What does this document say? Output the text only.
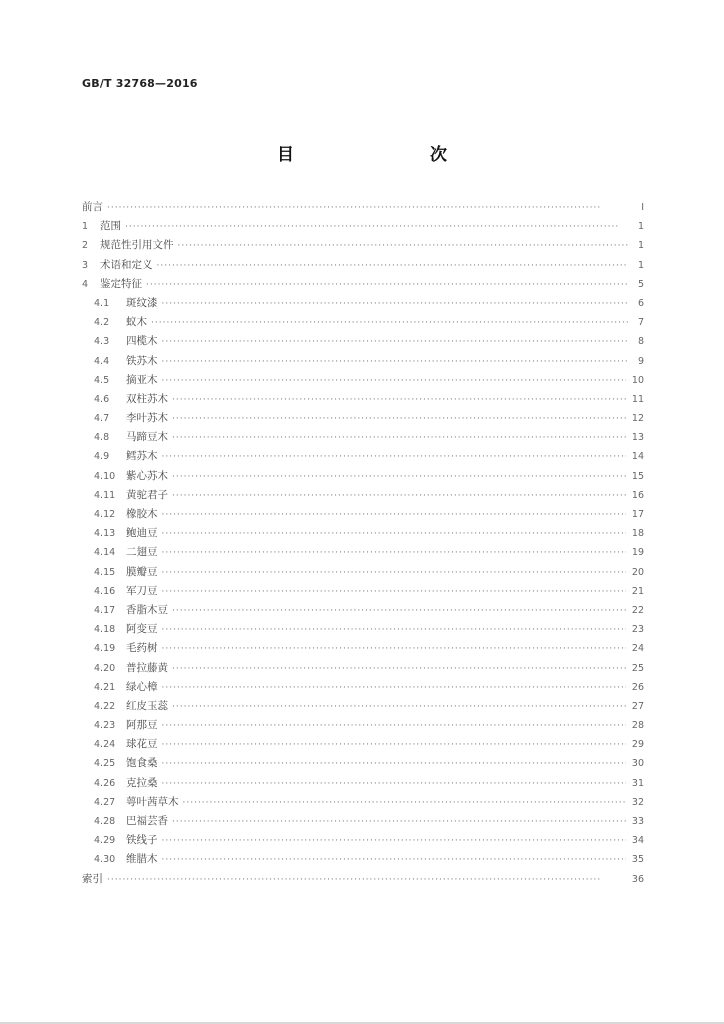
GB/T 32768—2016
目　　次
前言 ·····	Ⅰ
1	范围 ·····	1
2	规范性引用文件 ·····	1
3	术语和定义 ·····	1
4	鉴定特征 ·····	5
4.1	斑纹漆 ·····	6
4.2	蚁木 ·····	7
4.3	四榄木 ·····	8
4.4	铁苏木 ·····	9
4.5	摘亚木 ·····	10
4.6	双柱苏木 ·····	11
4.7	李叶苏木 ·····	12
4.8	马蹄豆木 ·····	13
4.9	鳕苏木 ·····	14
4.10	紫心苏木 ·····	15
4.11	黄驼君子 ·····	16
4.12	橡胶木 ·····	17
4.13	鲍迪豆 ·····	18
4.14	二翅豆 ·····	19
4.15	膜瓣豆 ·····	20
4.16	军刀豆 ·····	21
4.17	香脂木豆 ·····	22
4.18	阿变豆 ·····	23
4.19	毛药树 ·····	24
4.20	普拉藤黄 ·····	25
4.21	绿心樟 ·····	26
4.22	红皮玉蕊 ·····	27
4.23	阿那豆 ·····	28
4.24	球花豆 ·····	29
4.25	饱食桑 ·····	30
4.26	克拉桑 ·····	31
4.27	萼叶茜草木 ·····	32
4.28	巴福芸香 ·····	33
4.29	铁线子 ·····	34
4.30	维腊木 ·····	35
索引 ·····	36
